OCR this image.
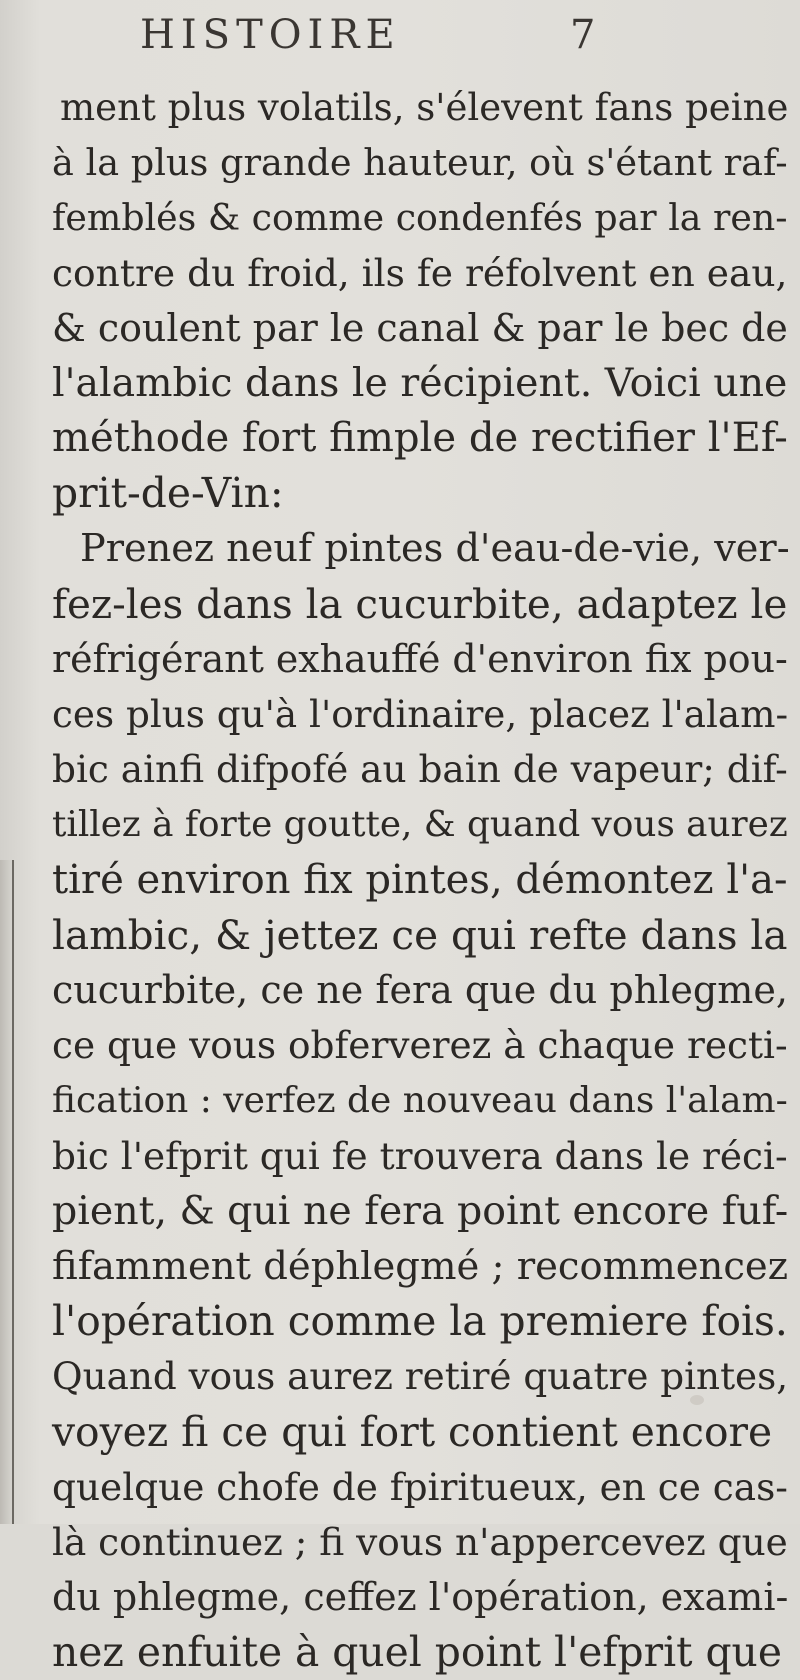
HISTOIRE	7
ment plus volatils, s'élevent fans peine
à la plus grande hauteur, où s'étant raf-
femblés & comme condenfés par la ren-
contre du froid, ils fe réfolvent en eau,
& coulent par le canal & par le bec de
l'alambic dans le récipient. Voici une
méthode fort fimple de rectifier l'Ef-
prit-de-Vin:
Prenez neuf pintes d'eau-de-vie, ver-
fez-les dans la cucurbite, adaptez le
réfrigérant exhauffé d'environ fix pou-
ces plus qu'à l'ordinaire, placez l'alam-
bic ainfi difpofé au bain de vapeur; dif-
tillez à forte goutte, & quand vous aurez
tiré environ fix pintes, démontez l'a-
lambic, & jettez ce qui refte dans la
cucurbite, ce ne fera que du phlegme,
ce que vous obferverez à chaque recti-
fication : verfez de nouveau dans l'alam-
bic l'efprit qui fe trouvera dans le réci-
pient, & qui ne fera point encore fuf-
fifamment déphlegmé ; recommencez
l'opération comme la premiere fois.
Quand vous aurez retiré quatre pintes,
voyez fi ce qui fort contient encore
quelque chofe de fpiritueux, en ce cas-
là continuez ; fi vous n'appercevez que
du phlegme, ceffez l'opération, exami-
nez enfuite à quel point l'efprit que
